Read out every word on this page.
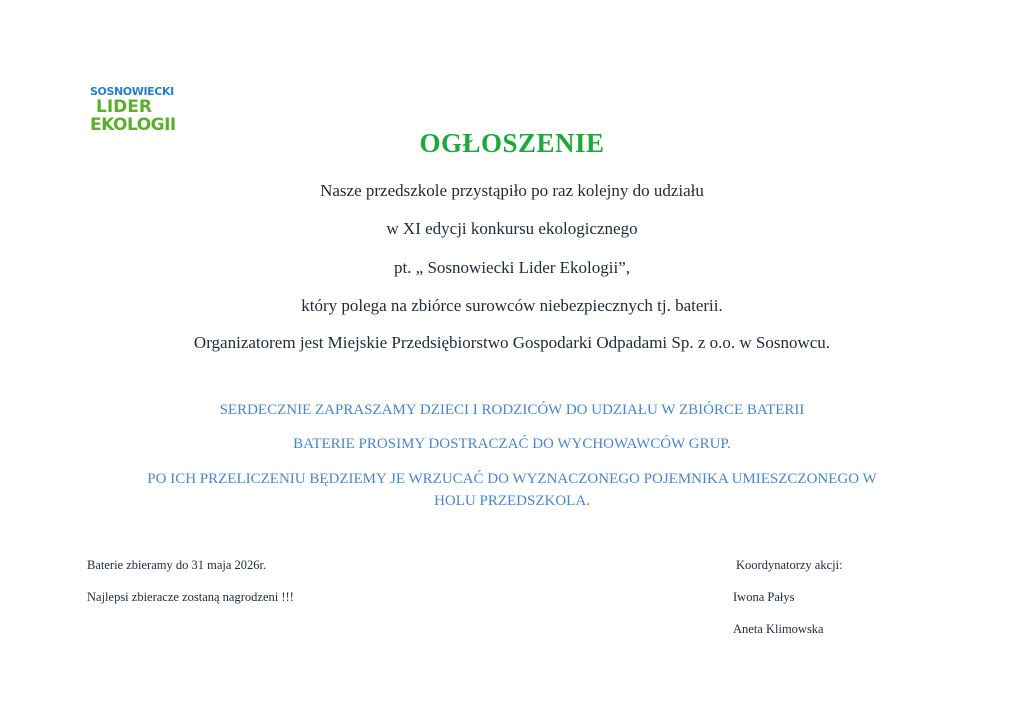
SOSNOWIECKI
LIDER
EKOLOGII
OGŁOSZENIE
Nasze przedszkole przystąpiło po raz kolejny do udziału
w XI edycji konkursu ekologicznego
pt. „ Sosnowiecki Lider Ekologii”,
który polega na zbiórce surowców niebezpiecznych tj. baterii.
Organizatorem jest Miejskie Przedsiębiorstwo Gospodarki Odpadami Sp. z o.o. w Sosnowcu.
SERDECZNIE ZAPRASZAMY DZIECI I RODZICÓW DO UDZIAŁU W ZBIÓRCE BATERII
BATERIE PROSIMY DOSTRACZAĆ DO WYCHOWAWCÓW GRUP.
PO ICH PRZELICZENIU BĘDZIEMY JE WRZUCAĆ DO WYZNACZONEGO POJEMNIKA UMIESZCZONEGO W
HOLU PRZEDSZKOLA.
Baterie zbieramy do 31 maja 2026r.
Najlepsi zbieracze zostaną nagrodzeni !!!
Koordynatorzy akcji:
Iwona Pałys
Aneta Klimowska
